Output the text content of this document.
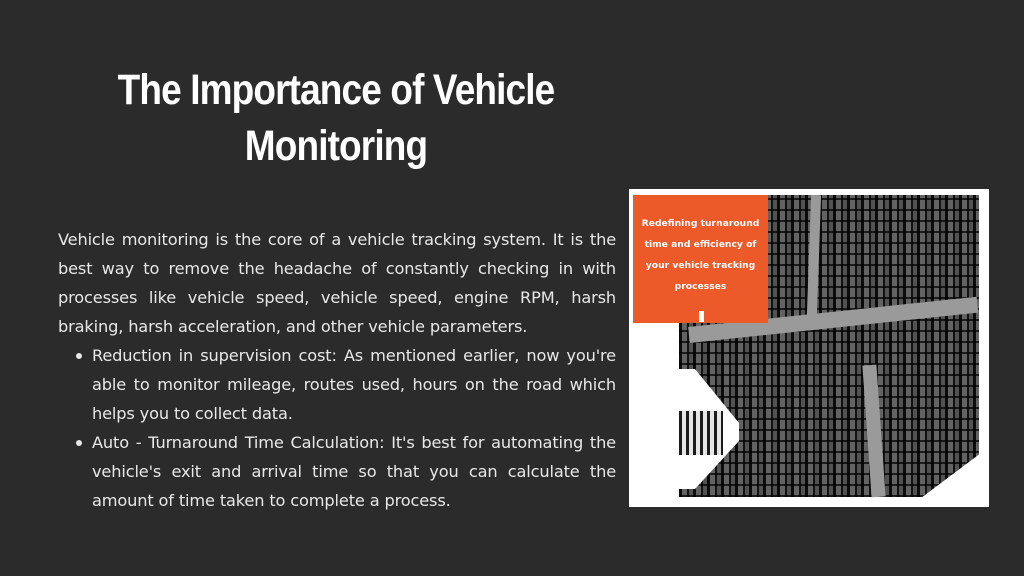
The Importance of Vehicle Monitoring

Vehicle monitoring is the core of a vehicle tracking system. It is the best way to remove the headache of constantly checking in with processes like vehicle speed, vehicle speed, engine RPM, harsh braking, harsh acceleration, and other vehicle parameters.

Reduction in supervision cost: As mentioned earlier, now you're able to monitor mileage, routes used, hours on the road which helps you to collect data.
Auto - Turnaround Time Calculation: It's best for automating the vehicle's exit and arrival time so that you can calculate the amount of time taken to complete a process.
Redefining turnaround
time and efficiency of
your vehicle tracking
processes
